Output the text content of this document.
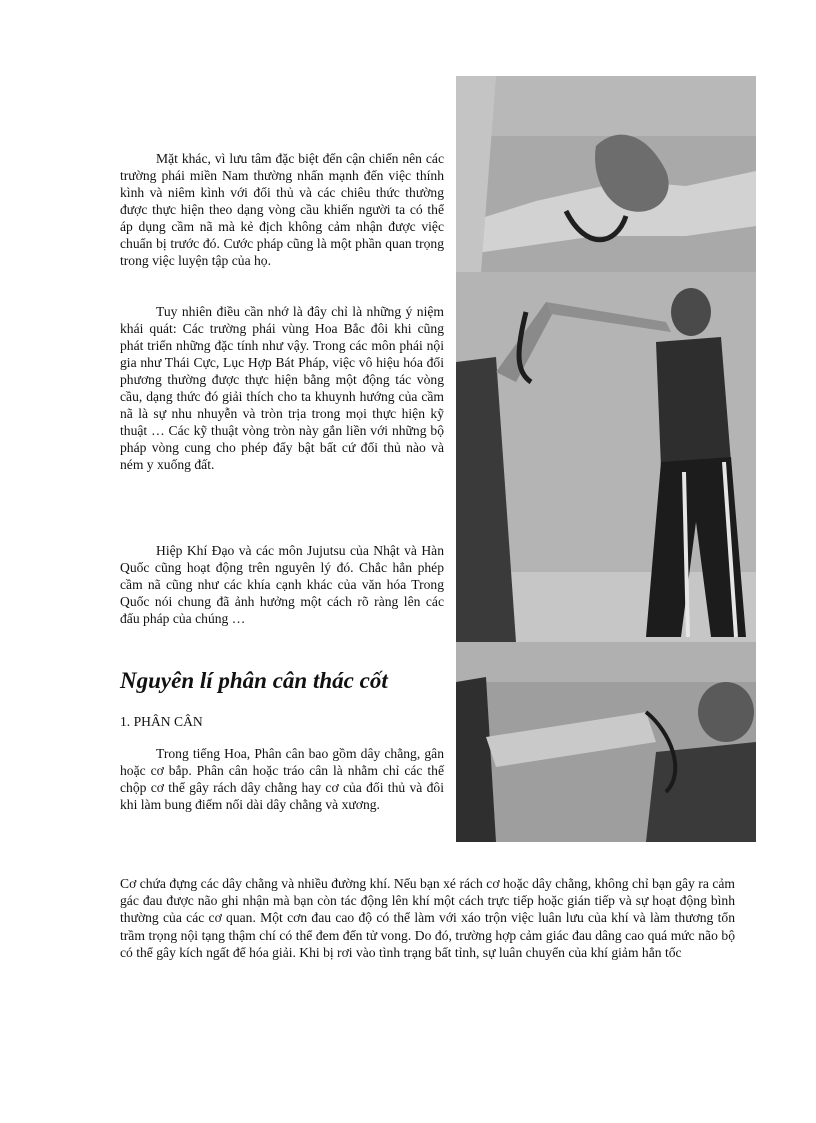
Mặt khác, vì lưu tâm đặc biệt đến cận chiến nên các trường phái miền Nam thường nhấn mạnh đến việc thính kình và niêm kình với đối thủ và các chiêu thức thường được thực hiện theo dạng vòng cầu khiến người ta có thể áp dụng cầm nã mà kẻ địch không cảm nhận được việc chuẩn bị trước đó. Cước pháp cũng là một phần quan trọng trong việc luyện tập của họ.

Tuy nhiên điều cần nhớ là đây chỉ là những ý niệm khái quát: Các trường phái vùng Hoa Bắc đôi khi cũng phát triển những đặc tính như vậy. Trong các môn phái nội gia như Thái Cực, Lục Hợp Bát Pháp, việc vô hiệu hóa đối phương thường được thực hiện bằng một động tác vòng cầu, dạng thức đó giải thích cho ta khuynh hướng của cầm nã là sự nhu nhuyễn và tròn trịa trong mọi thực hiện kỹ thuật … Các kỹ thuật vòng tròn này gắn liền với những bộ pháp vòng cung cho phép đẩy bật bất cứ đối thủ nào và ném y xuống đất.

Hiệp Khí Đạo và các môn Jujutsu của Nhật và Hàn Quốc cũng hoạt động trên nguyên lý đó. Chắc hẳn phép cầm nã cũng như các khía cạnh khác của văn hóa Trong Quốc nói chung đã ảnh hưởng một cách rõ ràng lên các đấu pháp của chúng …

Nguyên lí phân cân thác cốt

1. PHÂN CÂN

Trong tiếng Hoa, Phân cân bao gồm dây chằng, gân hoặc cơ bắp. Phân cân hoặc tráo cân là nhằm chỉ các thế chộp cơ thể gây rách dây chằng hay cơ của đối thủ và đôi khi làm bung điểm nối dài dây chằng và xương.

Cơ chứa đựng các dây chằng và nhiều đường khí. Nếu bạn xé rách cơ hoặc dây chằng, không chỉ bạn gây ra cảm gác đau được não ghi nhận mà bạn còn tác động lên khí một cách trực tiếp hoặc gián tiếp và sự hoạt động bình thường của các cơ quan. Một cơn đau cao độ có thể làm với xáo trộn việc luân lưu của khí và làm thương tổn trầm trọng nội tạng thậm chí có thể đem đến tử vong. Do đó, trường hợp cảm giác đau dâng cao quá mức não bộ có thể gây kích ngất để hóa giải. Khi bị rơi vào tình trạng bất tỉnh, sự luân chuyển của khí giảm hẳn tốc
